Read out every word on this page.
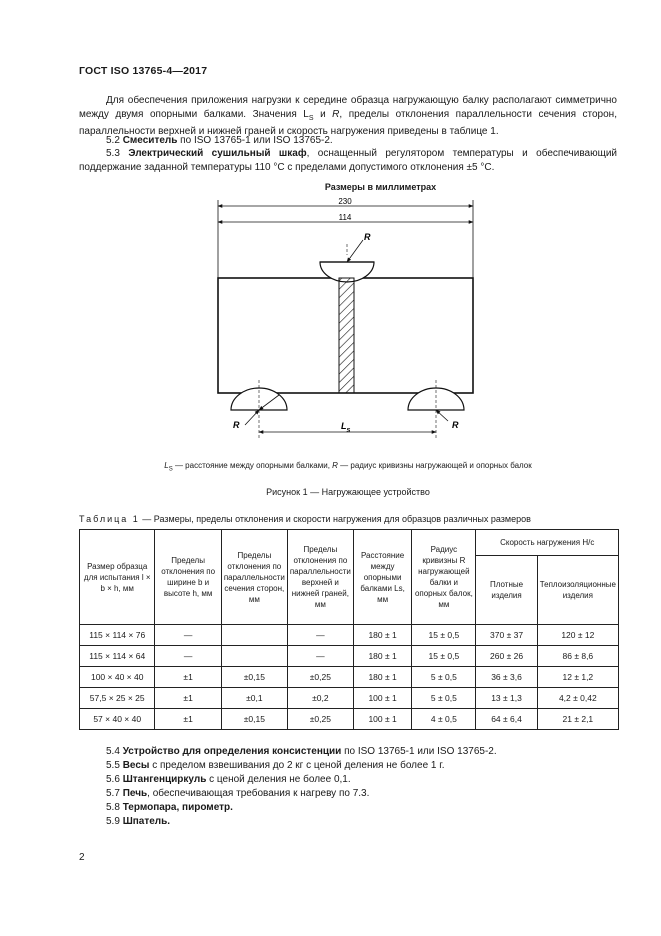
ГОСТ ISO 13765-4—2017
Для обеспечения приложения нагрузки к середине образца нагружающую балку располагают симметрично между двумя опорными балками. Значения $L_S$ и R, пределы отклонения параллельности сечения сторон, параллельности верхней и нижней граней и скорость нагружения приведены в таблице 1.
5.2 Смеситель по ISO 13765-1 или ISO 13765-2.
5.3 Электрический сушильный шкаф, оснащенный регулятором температуры и обеспечивающий поддержание заданной температуры 110 °С с пределами допустимого отклонения ±5 °С.
Размеры в миллиметрах
230
114
R
R	R
$L_s$
$L_S$ — расстояние между опорными балками, R — радиус кривизны нагружающей и опорных балок
Рисунок 1 — Нагружающее устройство
Таблица 1 — Размеры, пределы отклонения и скорости нагружения для образцов различных размеров
Размер образца для испытания l × b × h, мм	Пределы отклонения по ширине b и высоте h, мм	Пределы отклонения по параллельности сечения сторон, мм	Пределы отклонения по параллельности верхней и нижней граней, мм	Расстояние между опорными балками Ls, мм	Радиус кривизны R нагружающей балки и опорных балок, мм	Скорость нагружения Н/с	
						Плотные изделия	Теплоизоляционные изделия
115 × 114 × 76	—		—	180 ± 1	15 ± 0,5	370 ± 37	120 ± 12
115 × 114 × 64	—		—	180 ± 1	15 ± 0,5	260 ± 26	86 ± 8,6
100 × 40 × 40	±1	±0,15	±0,25	180 ± 1	5 ± 0,5	36 ± 3,6	12 ± 1,2
57,5 × 25 × 25	±1	±0,1	±0,2	100 ± 1	5 ± 0,5	13 ± 1,3	4,2 ± 0,42
57 × 40 × 40	±1	±0,15	±0,25	100 ± 1	4 ± 0,5	64 ± 6,4	21 ± 2,1
5.4 Устройство для определения консистенции по ISO 13765-1 или ISO 13765-2.
5.5 Весы с пределом взвешивания до 2 кг с ценой деления не более 1 г.
5.6 Штангенциркуль с ценой деления не более 0,1.
5.7 Печь, обеспечивающая требования к нагреву по 7.3.
5.8 Термопара, пирометр.
5.9 Шпатель.
2
